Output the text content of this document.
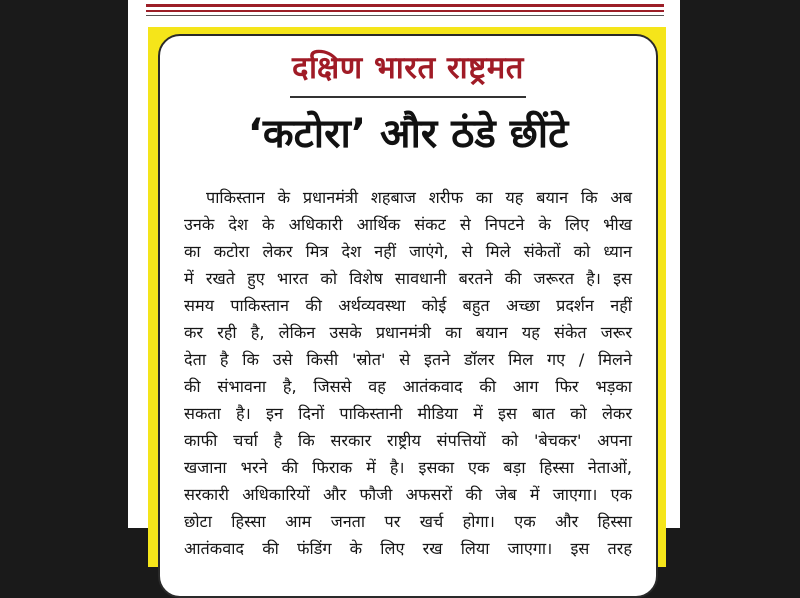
दक्षिण भारत राष्ट्रमत
‘कटोरा’ और ठंडे छींटे
पाकिस्तान के प्रधानमंत्री शहबाज शरीफ का यह बयान कि अब
उनके देश के अधिकारी आर्थिक संकट से निपटने के लिए भीख
का कटोरा लेकर मित्र देश नहीं जाएंगे, से मिले संकेतों को ध्यान
में रखते हुए भारत को विशेष सावधानी बरतने की जरूरत है। इस
समय पाकिस्तान की अर्थव्यवस्था कोई बहुत अच्छा प्रदर्शन नहीं
कर रही है, लेकिन उसके प्रधानमंत्री का बयान यह संकेत जरूर
देता है कि उसे किसी 'स्रोत' से इतने डॉलर मिल गए / मिलने
की संभावना है, जिससे वह आतंकवाद की आग फिर भड़का
सकता है। इन दिनों पाकिस्तानी मीडिया में इस बात को लेकर
काफी चर्चा है कि सरकार राष्ट्रीय संपत्तियों को 'बेचकर' अपना
खजाना भरने की फिराक में है। इसका एक बड़ा हिस्सा नेताओं,
सरकारी अधिकारियों और फौजी अफसरों की जेब में जाएगा। एक
छोटा हिस्सा आम जनता पर खर्च होगा। एक और हिस्सा
आतंकवाद की फंडिंग के लिए रख लिया जाएगा। इस तरह
